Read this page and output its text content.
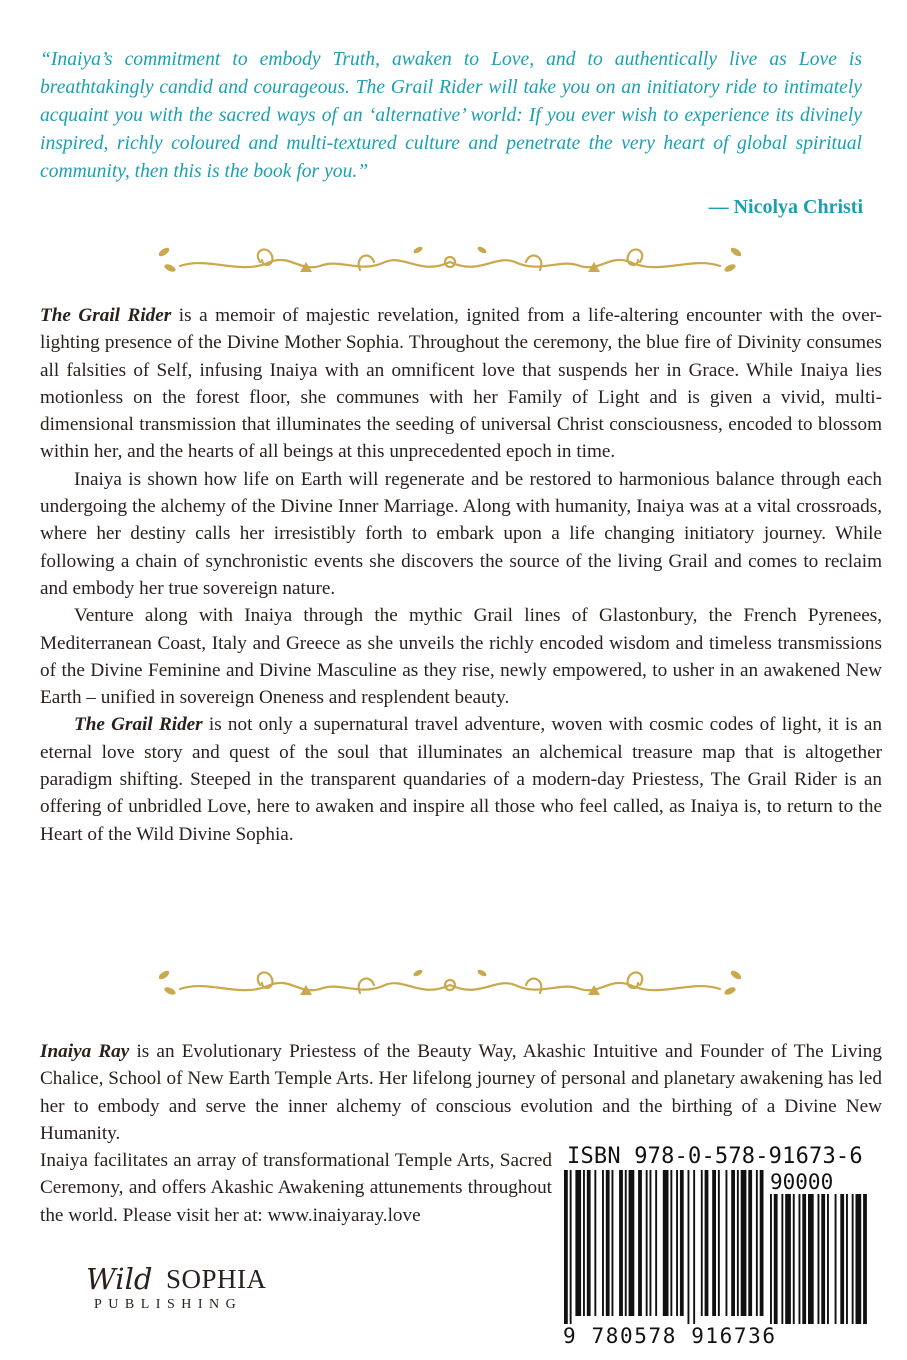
“Inaiya’s commitment to embody Truth, awaken to Love, and to authentically live as Love is breathtakingly candid and courageous. The Grail Rider will take you on an initiatory ride to intimately acquaint you with the sacred ways of an ‘alternative’ world: If you ever wish to experience its divinely inspired, richly coloured and multi-textured culture and penetrate the very heart of global spiritual community, then this is the book for you.”
— Nicolya Christi

The Grail Rider is a memoir of majestic revelation, ignited from a life-altering encounter with the over-lighting presence of the Divine Mother Sophia. Throughout the ceremony, the blue fire of Divinity consumes all falsities of Self, infusing Inaiya with an omnificent love that suspends her in Grace. While Inaiya lies motionless on the forest floor, she communes with her Family of Light and is given a vivid, multi-dimensional transmission that illuminates the seeding of universal Christ consciousness, encoded to blossom within her, and the hearts of all beings at this unprecedented epoch in time.

Inaiya is shown how life on Earth will regenerate and be restored to harmonious balance through each undergoing the alchemy of the Divine Inner Marriage. Along with humanity, Inaiya was at a vital crossroads, where her destiny calls her irresistibly forth to embark upon a life changing initiatory journey. While following a chain of synchronistic events she discovers the source of the living Grail and comes to reclaim and embody her true sovereign nature.

Venture along with Inaiya through the mythic Grail lines of Glastonbury, the French Pyrenees, Mediterranean Coast, Italy and Greece as she unveils the richly encoded wisdom and timeless transmissions of the Divine Feminine and Divine Masculine as they rise, newly empowered, to usher in an awakened New Earth – unified in sovereign Oneness and resplendent beauty.

The Grail Rider is not only a supernatural travel adventure, woven with cosmic codes of light, it is an eternal love story and quest of the soul that illuminates an alchemical treasure map that is altogether paradigm shifting. Steeped in the transparent quandaries of a modern-day Priestess, The Grail Rider is an offering of unbridled Love, here to awaken and inspire all those who feel called, as Inaiya is, to return to the Heart of the Wild Divine Sophia.

Inaiya Ray is an Evolutionary Priestess of the Beauty Way, Akashic Intuitive and Founder of The Living Chalice, School of New Earth Temple Arts. Her lifelong journey of personal and planetary awakening has led her to embody and serve the inner alchemy of conscious evolution and the birthing of a Divine New Humanity.
Inaiya facilitates an array of transformational Temple Arts, Sacred Ceremony, and offers Akashic Awakening attunements throughout the world. Please visit her at: www.inaiyaray.love
Wild SOPHIA
PUBLISHING
ISBN 978-0-578-91673-6
90000
9 780578 916736
